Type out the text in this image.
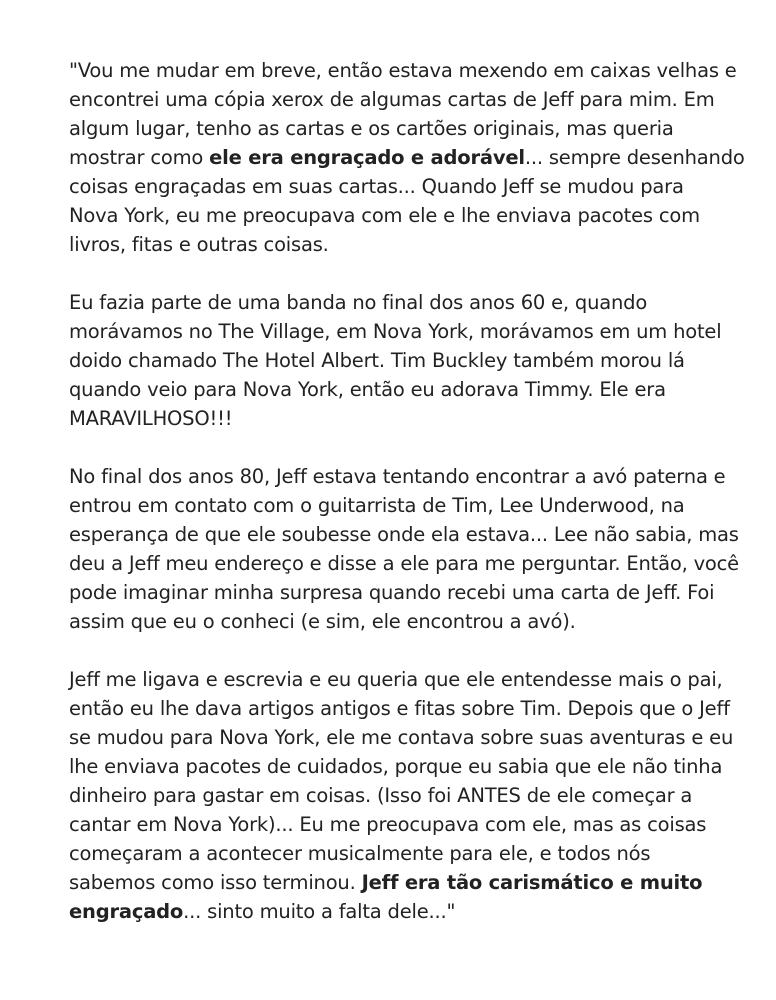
"Vou me mudar em breve, então estava mexendo em caixas velhas e
encontrei uma cópia xerox de algumas cartas de Jeff para mim. Em
algum lugar, tenho as cartas e os cartões originais, mas queria
mostrar como ele era engraçado e adorável... sempre desenhando
coisas engraçadas em suas cartas... Quando Jeff se mudou para
Nova York, eu me preocupava com ele e lhe enviava pacotes com
livros, fitas e outras coisas.

Eu fazia parte de uma banda no final dos anos 60 e, quando
morávamos no The Village, em Nova York, morávamos em um hotel
doido chamado The Hotel Albert. Tim Buckley também morou lá
quando veio para Nova York, então eu adorava Timmy. Ele era
MARAVILHOSO!!!

No final dos anos 80, Jeff estava tentando encontrar a avó paterna e
entrou em contato com o guitarrista de Tim, Lee Underwood, na
esperança de que ele soubesse onde ela estava... Lee não sabia, mas
deu a Jeff meu endereço e disse a ele para me perguntar. Então, você
pode imaginar minha surpresa quando recebi uma carta de Jeff. Foi
assim que eu o conheci (e sim, ele encontrou a avó).

Jeff me ligava e escrevia e eu queria que ele entendesse mais o pai,
então eu lhe dava artigos antigos e fitas sobre Tim. Depois que o Jeff
se mudou para Nova York, ele me contava sobre suas aventuras e eu
lhe enviava pacotes de cuidados, porque eu sabia que ele não tinha
dinheiro para gastar em coisas. (Isso foi ANTES de ele começar a
cantar em Nova York)... Eu me preocupava com ele, mas as coisas
começaram a acontecer musicalmente para ele, e todos nós
sabemos como isso terminou. Jeff era tão carismático e muito
engraçado... sinto muito a falta dele..."
